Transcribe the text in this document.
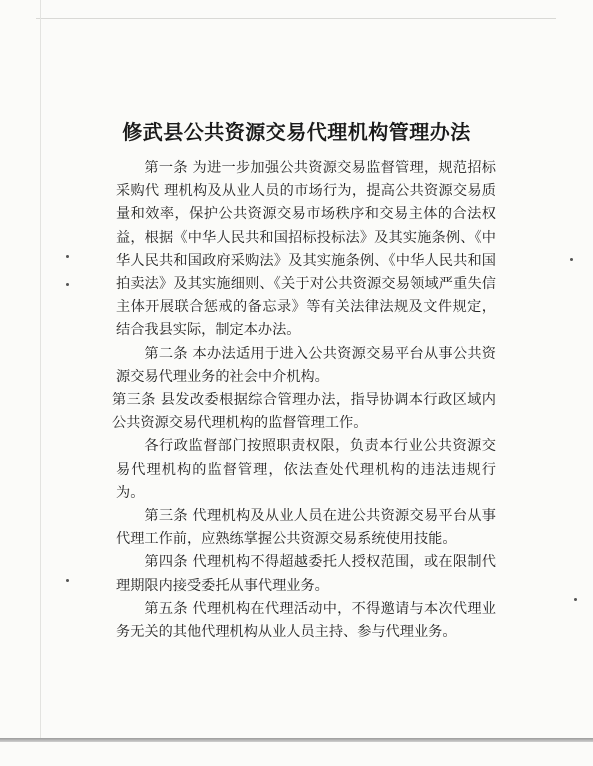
修武县公共资源交易代理机构管理办法

第一条 为进一步加强公共资源交易监督管理，规范招标采购代 理机构及从业人员的市场行为，提高公共资源交易质量和效率，保护公共资源交易市场秩序和交易主体的合法权益，根据《中华人民共和国招标投标法》及其实施条例、《中华人民共和国政府采购法》及其实施条例、《中华人民共和国拍卖法》及其实施细则、《关于对公共资源交易领域严重失信主体开展联合惩戒的备忘录》等有关法律法规及文件规定，结合我县实际，制定本办法。

第二条 本办法适用于进入公共资源交易平台从事公共资源交易代理业务的社会中介机构。

第三条 县发改委根据综合管理办法，指导协调本行政区域内公共资源交易代理机构的监督管理工作。

各行政监督部门按照职责权限，负责本行业公共资源交易代理机构的监督管理，依法查处代理机构的违法违规行为。

第三条 代理机构及从业人员在进公共资源交易平台从事代理工作前，应熟练掌握公共资源交易系统使用技能。

第四条 代理机构不得超越委托人授权范围，或在限制代理期限内接受委托从事代理业务。

第五条 代理机构在代理活动中，不得邀请与本次代理业务无关的其他代理机构从业人员主持、参与代理业务。
